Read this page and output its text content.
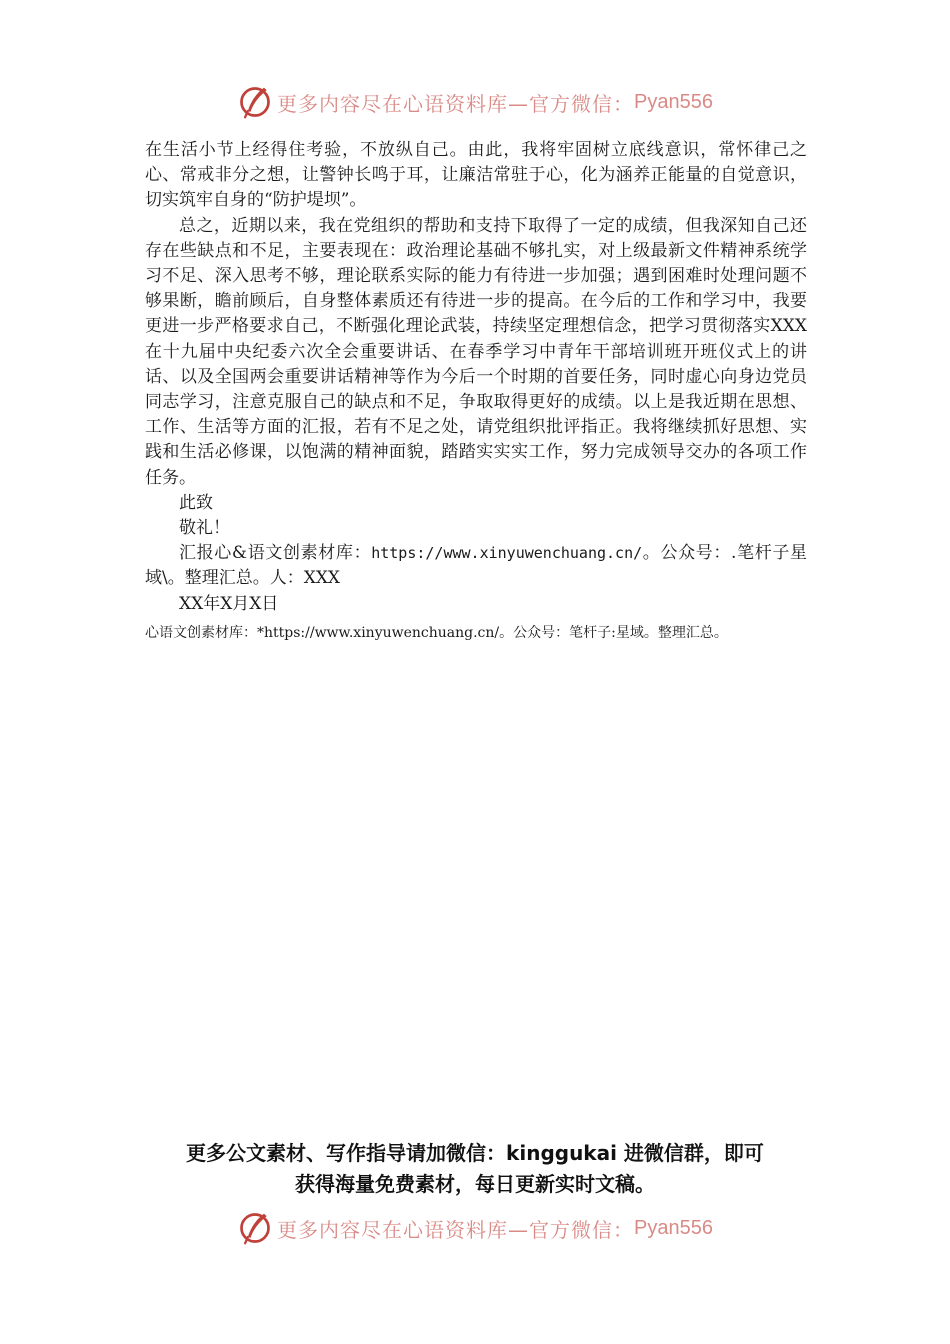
更多内容尽在心语资料库—官方微信： Pyan556

在生活小节上经得住考验，不放纵自己。由此，我将牢固树立底线意识，常怀律己之心、常戒非分之想，让警钟长鸣于耳，让廉洁常驻于心，化为涵养正能量的自觉意识，切实筑牢自身的“防护堤坝”。

总之，近期以来，我在党组织的帮助和支持下取得了一定的成绩，但我深知自己还存在些缺点和不足，主要表现在：政治理论基础不够扎实，对上级最新文件精神系统学习不足、深入思考不够，理论联系实际的能力有待进一步加强；遇到困难时处理问题不够果断，瞻前顾后，自身整体素质还有待进一步的提高。在今后的工作和学习中，我要更进一步严格要求自己，不断强化理论武装，持续坚定理想信念，把学习贯彻落实XXX在十九届中央纪委六次全会重要讲话、在春季学习中青年干部培训班开班仪式上的讲话、以及全国两会重要讲话精神等作为今后一个时期的首要任务，同时虚心向身边党员同志学习，注意克服自己的缺点和不足，争取取得更好的成绩。以上是我近期在思想、工作、生活等方面的汇报，若有不足之处，请党组织批评指正。我将继续抓好思想、实践和生活必修课，以饱满的精神面貌，踏踏实实实工作，努力完成领导交办的各项工作任务。

此致

敬礼！

汇报心&语文创素材库：https://www.xinyuwenchuang.cn/。公众号：.笔杆子星域\。整理汇总。人：XXX

XX年X月X日

心语文创素材库：*https://www.xinyuwenchuang.cn/。公众号：笔杆子:星域。整理汇总。

更多公文素材、写作指导请加微信：kinggukai 进微信群，即可
获得海量免费素材，每日更新实时文稿。
更多内容尽在心语资料库—官方微信： Pyan556
